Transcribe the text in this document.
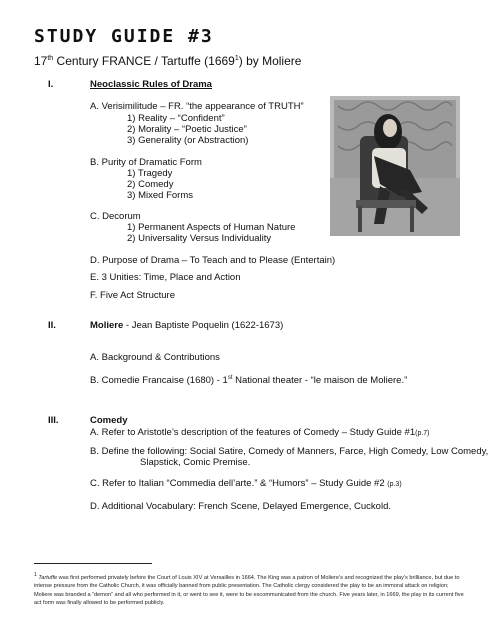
STUDY GUIDE #3
17th Century FRANCE / Tartuffe (1669$^1$) by Moliere
I.	Neoclassic Rules of Drama
A. Verisimilitude – FR. “the appearance of TRUTH”
1) Reality – “Confident”
2) Morality – “Poetic Justice”
3) Generality (or Abstraction)
B. Purity of Dramatic Form
1) Tragedy
2) Comedy
3) Mixed Forms
C. Decorum
1) Permanent Aspects of Human Nature
2) Universality Versus Individuality
D. Purpose of Drama – To Teach and to Please (Entertain)
E. 3 Unities: Time, Place and Action
F. Five Act Structure
II.	Moliere - Jean Baptiste Poquelin (1622-1673)
A. Background & Contributions
B. Comedie Francaise (1680) - 1st National theater - “le maison de Moliere.”
III.	Comedy
A. Refer to Aristotle’s description of the features of Comedy – Study Guide #1(p.7)
B. Define the following: Social Satire, Comedy of Manners, Farce, High Comedy, Low Comedy,
Slapstick, Comic Premise.
C. Refer to Italian “Commedia dell’arte.” & “Humors” – Study Guide #2 (p.3)
D. Additional Vocabulary: French Scene, Delayed Emergence, Cuckold.
$^1$ Tartuffe was first performed privately before the Court of Louis XIV at Versailles in 1664. The King was a patron of Moliere’s and recognized the play’s brilliance, but due to intense pressure from the Catholic Church, it was officially banned from public presentation. The Catholic clergy considered the play to be an immoral attack on religion; Moliere was branded a “demon” and all who performed in it, or went to see it, were to be excommunicated from the church. Five years later, in 1669, the play in its current five act form was finally allowed to be performed publicly.
